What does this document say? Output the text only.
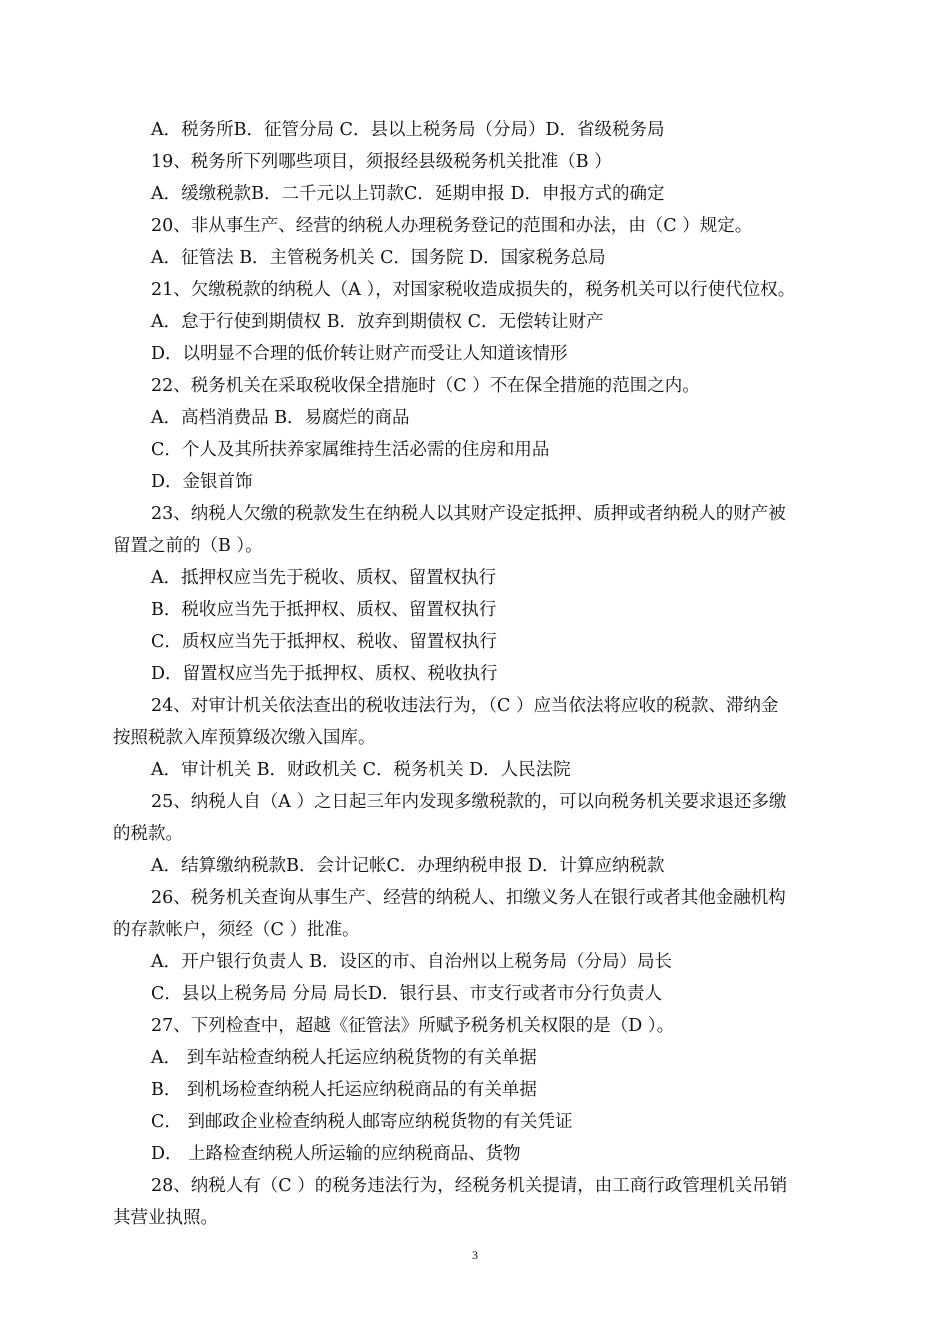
A．税务所B．征管分局 C．县以上税务局（分局）D．省级税务局
19、税务所下列哪些项目，须报经县级税务机关批准（B ）
A．缓缴税款B．二千元以上罚款C．延期申报 D．申报方式的确定
20、非从事生产、经营的纳税人办理税务登记的范围和办法，由（C ）规定。
A．征管法 B．主管税务机关 C．国务院 D．国家税务总局
21、欠缴税款的纳税人（A ），对国家税收造成损失的，税务机关可以行使代位权。
A．怠于行使到期债权 B．放弃到期债权 C．无偿转让财产
D．以明显不合理的低价转让财产而受让人知道该情形
22、税务机关在采取税收保全措施时（C ）不在保全措施的范围之内。
A．高档消费品 B．易腐烂的商品
C．个人及其所扶养家属维持生活必需的住房和用品
D．金银首饰
23、纳税人欠缴的税款发生在纳税人以其财产设定抵押、质押或者纳税人的财产被
留置之前的（B ）。
A．抵押权应当先于税收、质权、留置权执行
B．税收应当先于抵押权、质权、留置权执行
C．质权应当先于抵押权、税收、留置权执行
D．留置权应当先于抵押权、质权、税收执行
24、对审计机关依法查出的税收违法行为，（C ）应当依法将应收的税款、滞纳金
按照税款入库预算级次缴入国库。
A．审计机关 B．财政机关 C．税务机关 D．人民法院
25、纳税人自（A ）之日起三年内发现多缴税款的，可以向税务机关要求退还多缴
的税款。
A．结算缴纳税款B．会计记帐C．办理纳税申报 D．计算应纳税款
26、税务机关查询从事生产、经营的纳税人、扣缴义务人在银行或者其他金融机构
的存款帐户，须经（C ）批准。
A．开户银行负责人 B．设区的市、自治州以上税务局（分局）局长
C．县以上税务局 分局 局长D．银行县、市支行或者市分行负责人
27、下列检查中，超越《征管法》所赋予税务机关权限的是（D ）。
A． 到车站检查纳税人托运应纳税货物的有关单据
B． 到机场检查纳税人托运应纳税商品的有关单据
C． 到邮政企业检查纳税人邮寄应纳税货物的有关凭证
D． 上路检查纳税人所运输的应纳税商品、货物
28、纳税人有（C ）的税务违法行为，经税务机关提请，由工商行政管理机关吊销
其营业执照。
3
